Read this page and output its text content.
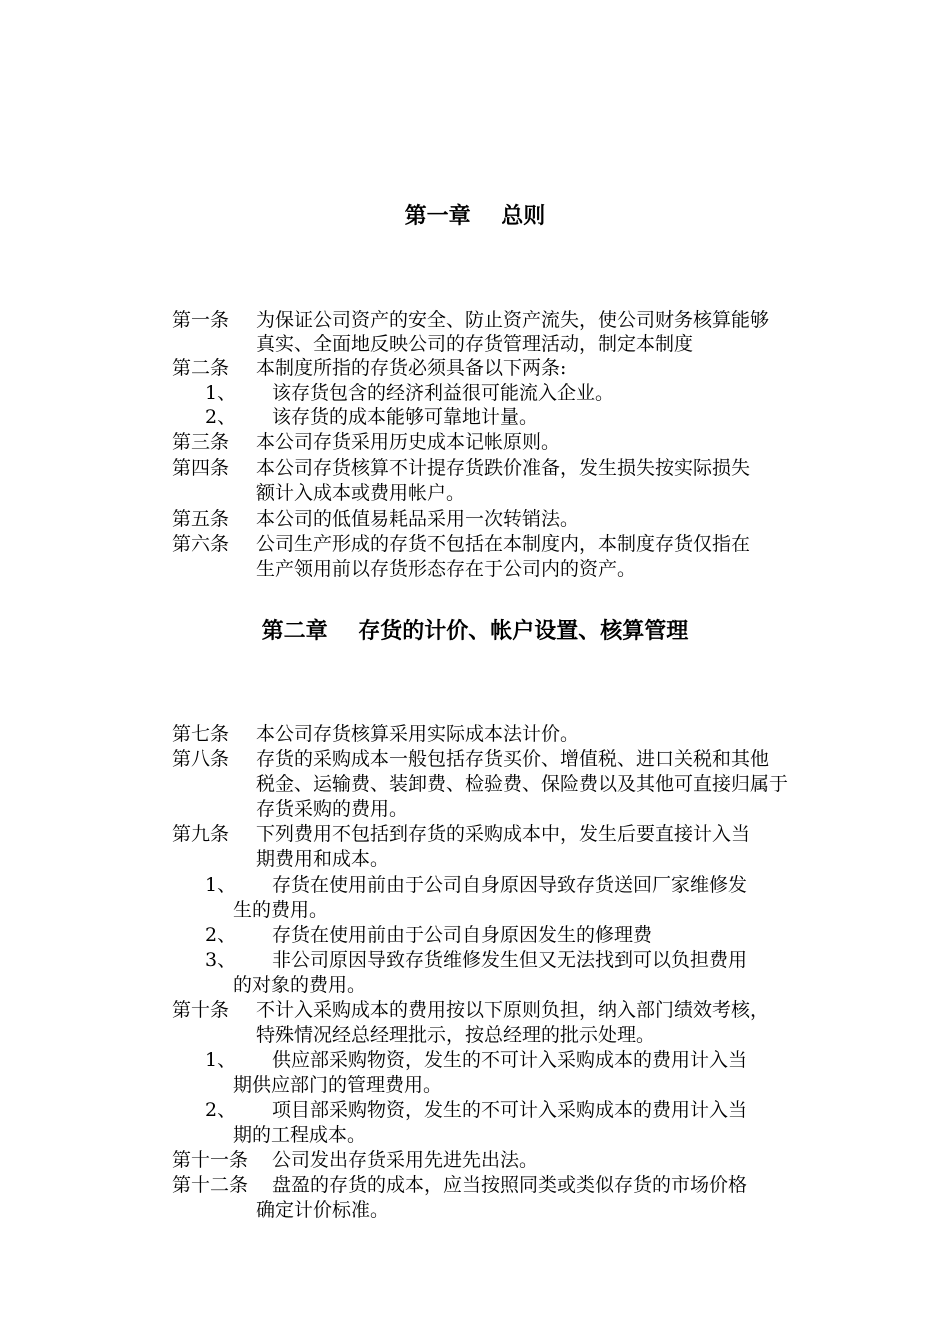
第一章    总则
第一条 为保证公司资产的安全、防止资产流失，使公司财务核算能够
真实、全面地反映公司的存货管理活动，制定本制度
第二条 本制度所指的存货必须具备以下两条:
1、 该存货包含的经济利益很可能流入企业。
2、 该存货的成本能够可靠地计量。
第三条 本公司存货采用历史成本记帐原则。
第四条 本公司存货核算不计提存货跌价准备，发生损失按实际损失
额计入成本或费用帐户。
第五条 本公司的低值易耗品采用一次转销法。
第六条 公司生产形成的存货不包括在本制度内，本制度存货仅指在
生产领用前以存货形态存在于公司内的资产。
第二章    存货的计价、帐户设置、核算管理
第七条 本公司存货核算采用实际成本法计价。
第八条 存货的采购成本一般包括存货买价、增值税、进口关税和其他
税金、运输费、装卸费、检验费、保险费以及其他可直接归属于
存货采购的费用。
第九条 下列费用不包括到存货的采购成本中，发生后要直接计入当
期费用和成本。
1、 存货在使用前由于公司自身原因导致存货送回厂家维修发
生的费用。
2、 存货在使用前由于公司自身原因发生的修理费
3、 非公司原因导致存货维修发生但又无法找到可以负担费用
的对象的费用。
第十条 不计入采购成本的费用按以下原则负担，纳入部门绩效考核，
特殊情况经总经理批示，按总经理的批示处理。
1、 供应部采购物资，发生的不可计入采购成本的费用计入当
期供应部门的管理费用。
2、 项目部采购物资，发生的不可计入采购成本的费用计入当
期的工程成本。
第十一条 公司发出存货采用先进先出法。
第十二条 盘盈的存货的成本，应当按照同类或类似存货的市场价格
确定计价标准。
